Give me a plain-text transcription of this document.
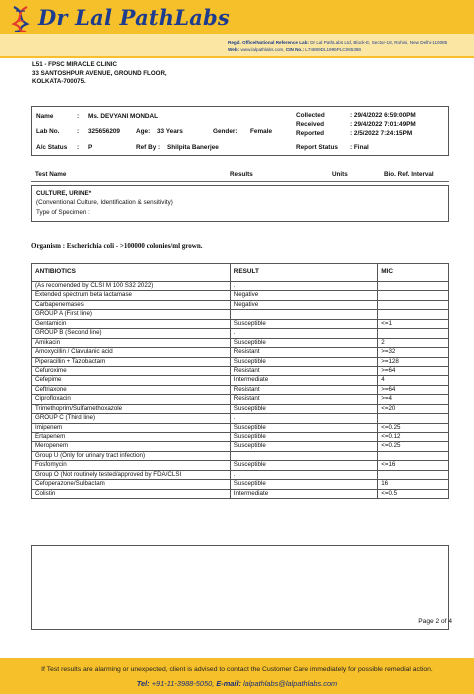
Dr Lal PathLabs
Regd. Office/National Reference Lab: Dr Lal PathLabs Ltd, Block-E, Sector-18, Rohini, New Delhi-110085
Web: www.lalpathlabs.com, CIN No.: L74899DL1995PLC065388
L51 - FPSC MIRACLE CLINIC
33 SANTOSHPUR AVENUE, GROUND FLOOR,
KOLKATA-700075.
Name	: Ms. DEVYANI MONDAL
Lab No.	: 325656209	Age: 33 Years	Gender: Female
A/c Status : P	Ref By : Shilpita Banerjee
Collected	: 29/4/2022 6:59:00PM
Received	: 29/4/2022 7:01:49PM
Reported	: 2/5/2022 7:24:15PM
Report Status : Final
Test Name	Results	Units	Bio. Ref. Interval
CULTURE, URINE*
(Conventional Culture, Identification & sensitivity)
Type of Specimen :
Organism : Escherichia coli - >100000 colonies/ml grown.
ANTIBIOTICS	RESULT	MIC
(As recomended by CLSI M 100 S32 2022)	.	
Extended spectrum beta lactamase	Negative	
Carbapenemases	Negative	
GROUP A (First line)		
Gentamicin	Susceptible	<=1
GROUP B (Second line)	.	
Amikacin	Susceptible	2
Amoxycillin / Clavulanic acid	Resistant	>=32
Piperacillin + Tazobactam	Susceptible	>=128
Cefuroxime	Resistant	>=64
Cefepime	Intermediate	4
Ceftriaxone	Resistant	>=64
Ciprofloxacin	Resistant	>=4
Trimethoprim/Sulfamethoxazole	Susceptible	<=20
GROUP C (Third line)	.	
Imipenem	Susceptible	<=0.25
Ertapenem	Susceptible	<=0.12
Meropenem	Susceptible	<=0.25
Group U (Only for urinary tract infection)		
Fosfomycin	Susceptible	<=16
Group O (Not routinely tested/approved by FDA/CLSI	.	
Cefoperazone/Sulbactam	Susceptible	16
Colistin	Intermediate	<=0.5
Page 2 of 4
If Test results are alarming or unexpected, client is advised to contact the Customer Care immediately for possible remedial action.
Tel: +91-11-3988-5050, E-mail: lalpathlabs@lalpathlabs.com
